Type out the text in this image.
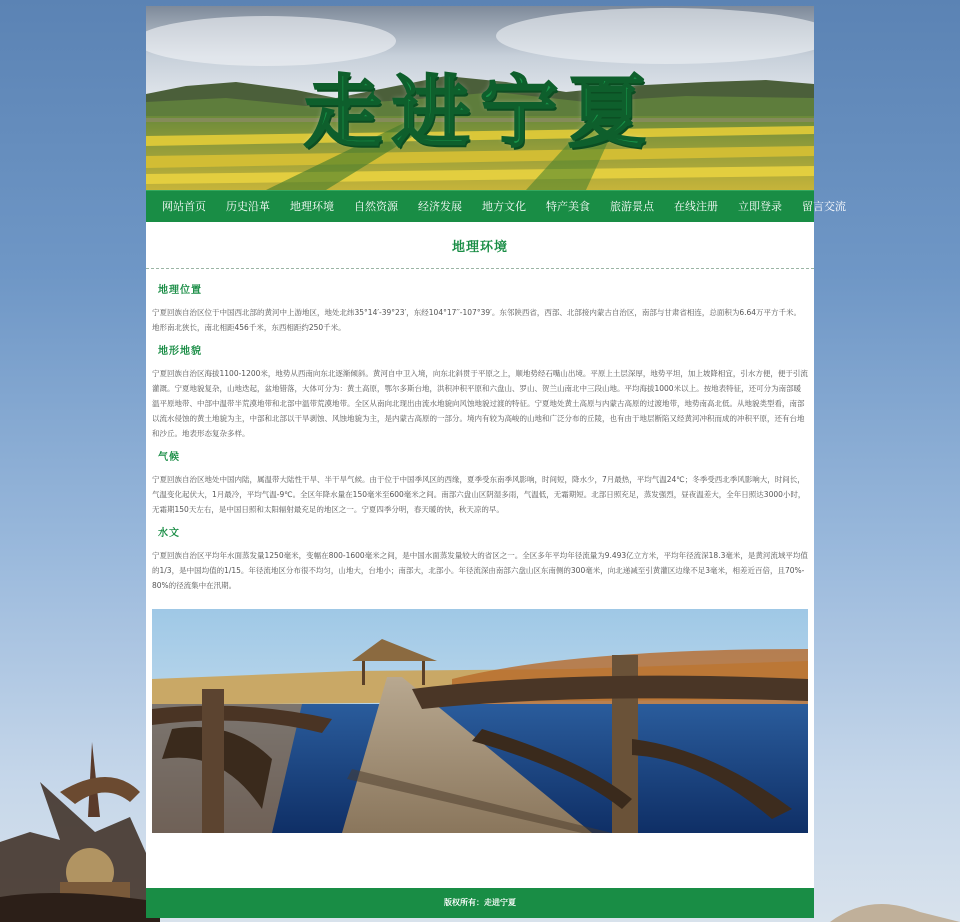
走进宁夏
网站首页	历史沿革	地理环境	自然资源	经济发展	地方文化	特产美食	旅游景点	在线注册	立即登录	留言交流
地理环境
地理位置

宁夏回族自治区位于中国西北部的黄河中上游地区，地处北纬35°14′-39°23′，东经104°17′′-107°39′。东邻陕西省，西部、北部接内蒙古自治区，南部与甘肃省相连，总面积为6.64万平方千米。地形南北狭长，南北相距456千米，东西相距约250千米。

地形地貌

宁夏回族自治区海拔1100-1200米，地势从西南向东北逐渐倾斜。黄河自中卫入境，向东北斜贯于平原之上，顺地势经石嘴山出境。平原上土层深厚，地势平坦，加上坡降相宜，引水方便，便于引流灌溉。宁夏地貌复杂，山地迭起，盆地错落，大体可分为：黄土高原，鄂尔多斯台地，洪积冲积平原和六盘山、罗山、贺兰山南北中三段山地。平均海拔1000米以上。按地表特征，还可分为南部暖温平原地带、中部中温带半荒漠地带和北部中温带荒漠地带。全区从南向北现出由流水地貌向风蚀地貌过渡的特征。宁夏地处黄土高原与内蒙古高原的过渡地带，地势南高北低。从地貌类型看，南部以流水侵蚀的黄土地貌为主，中部和北部以干旱剥蚀、风蚀地貌为主，是内蒙古高原的一部分。境内有较为高峻的山地和广泛分布的丘陵，也有由于地层断陷又经黄河冲积而成的冲积平原，还有台地和沙丘。地表形态复杂多样。

气候

宁夏回族自治区地处中国内陆，属温带大陆性干旱、半干旱气候。由于位于中国季风区的西缘，夏季受东南季风影响，时间短，降水少，7月最热，平均气温24℃；冬季受西北季风影响大，时间长，气温变化起伏大，1月最冷，平均气温-9℃。全区年降水量在150毫米至600毫米之间。南部六盘山区阴湿多雨，气温低，无霜期短。北部日照充足，蒸发强烈，昼夜温差大，全年日照达3000小时，无霜期150天左右，是中国日照和太阳辐射最充足的地区之一。宁夏四季分明，春天暖的快，秋天凉的早。

水文

宁夏回族自治区平均年水面蒸发量1250毫米，变幅在800-1600毫米之间，是中国水面蒸发量较大的省区之一。全区多年平均年径流量为9.493亿立方米，平均年径流深18.3毫米，是黄河流域平均值的1/3，是中国均值的1/15。年径流地区分布很不均匀，山地大，台地小；南部大，北部小。年径流深由南部六盘山区东南侧的300毫米，向北递减至引黄灌区边缘不足3毫米，相差近百倍，且70%-80%的径流集中在汛期。

版权所有：走进宁夏
